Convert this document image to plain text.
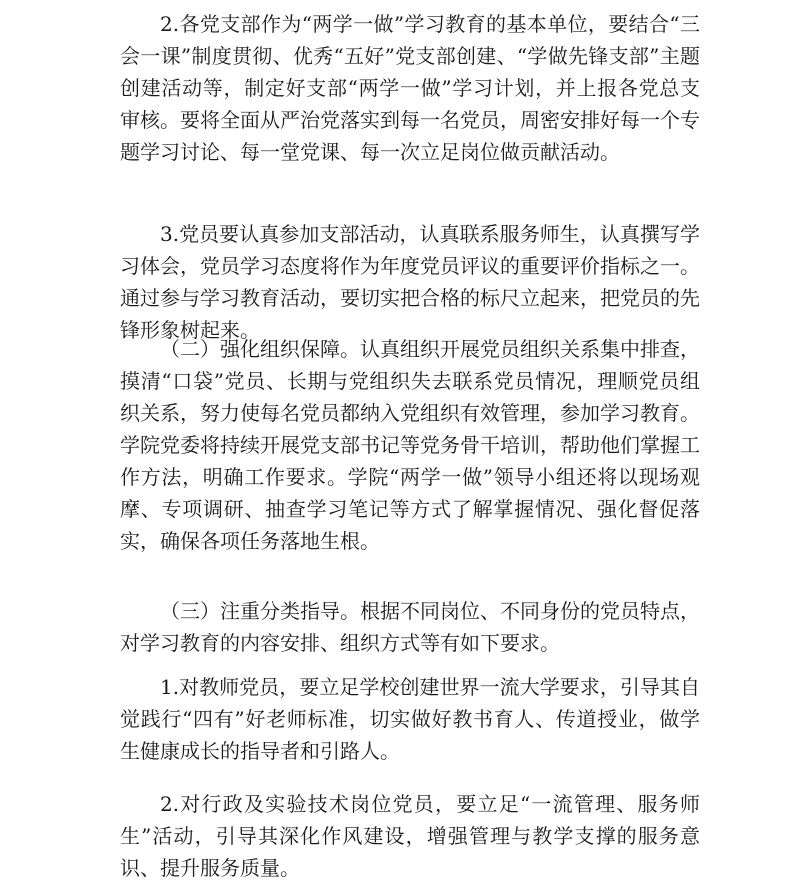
2.各党支部作为“两学一做”学习教育的基本单位，要结合“三会一课”制度贯彻、优秀“五好”党支部创建、“学做先锋支部”主题创建活动等，制定好支部“两学一做”学习计划，并上报各党总支审核。要将全面从严治党落实到每一名党员，周密安排好每一个专题学习讨论、每一堂党课、每一次立足岗位做贡献活动。

3.党员要认真参加支部活动，认真联系服务师生，认真撰写学习体会，党员学习态度将作为年度党员评议的重要评价指标之一。通过参与学习教育活动，要切实把合格的标尺立起来，把党员的先锋形象树起来。

（二）强化组织保障。认真组织开展党员组织关系集中排查，摸清“口袋”党员、长期与党组织失去联系党员情况，理顺党员组织关系，努力使每名党员都纳入党组织有效管理，参加学习教育。学院党委将持续开展党支部书记等党务骨干培训，帮助他们掌握工作方法，明确工作要求。学院“两学一做”领导小组还将以现场观摩、专项调研、抽查学习笔记等方式了解掌握情况、强化督促落实，确保各项任务落地生根。

（三）注重分类指导。根据不同岗位、不同身份的党员特点，对学习教育的内容安排、组织方式等有如下要求。

1.对教师党员，要立足学校创建世界一流大学要求，引导其自觉践行“四有”好老师标准，切实做好教书育人、传道授业，做学生健康成长的指导者和引路人。

2.对行政及实验技术岗位党员，要立足“一流管理、服务师生”活动，引导其深化作风建设，增强管理与教学支撑的服务意识、提升服务质量。
